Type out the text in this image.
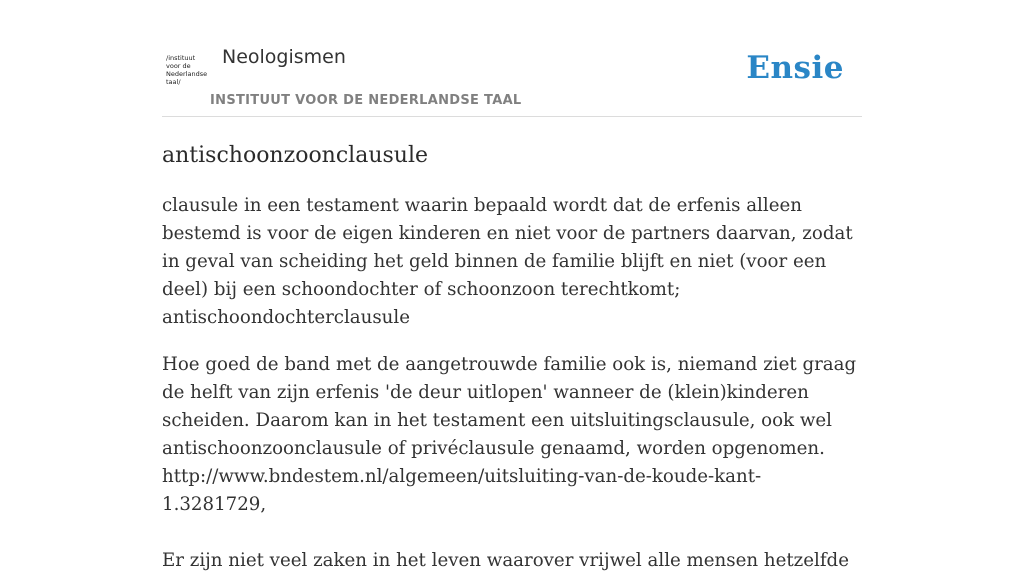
/instituut
voor de
Nederlandse
taal/
Neologismen
INSTITUUT VOOR DE NEDERLANDSE TAAL
Ensie
antischoonzoonclausule

clausule in een testament waarin bepaald wordt dat de erfenis alleen bestemd is voor de eigen kinderen en niet voor de partners daarvan, zodat in geval van scheiding het geld binnen de familie blijft en niet (voor een deel) bij een schoondochter of schoonzoon terechtkomt; antischoondochterclausule

Hoe goed de band met de aangetrouwde familie ook is, niemand ziet graag de helft van zijn erfenis 'de deur uitlopen' wanneer de (klein)kinderen scheiden. Daarom kan in het testament een uitsluitingsclausule, ook wel antischoonzoonclausule of privéclausule genaamd, worden opgenomen. http://www.bndestem.nl/algemeen/uitsluiting-van-de-koude-kant-1.3281729,

Er zijn niet veel zaken in het leven waarover vrijwel alle mensen hetzelfde
